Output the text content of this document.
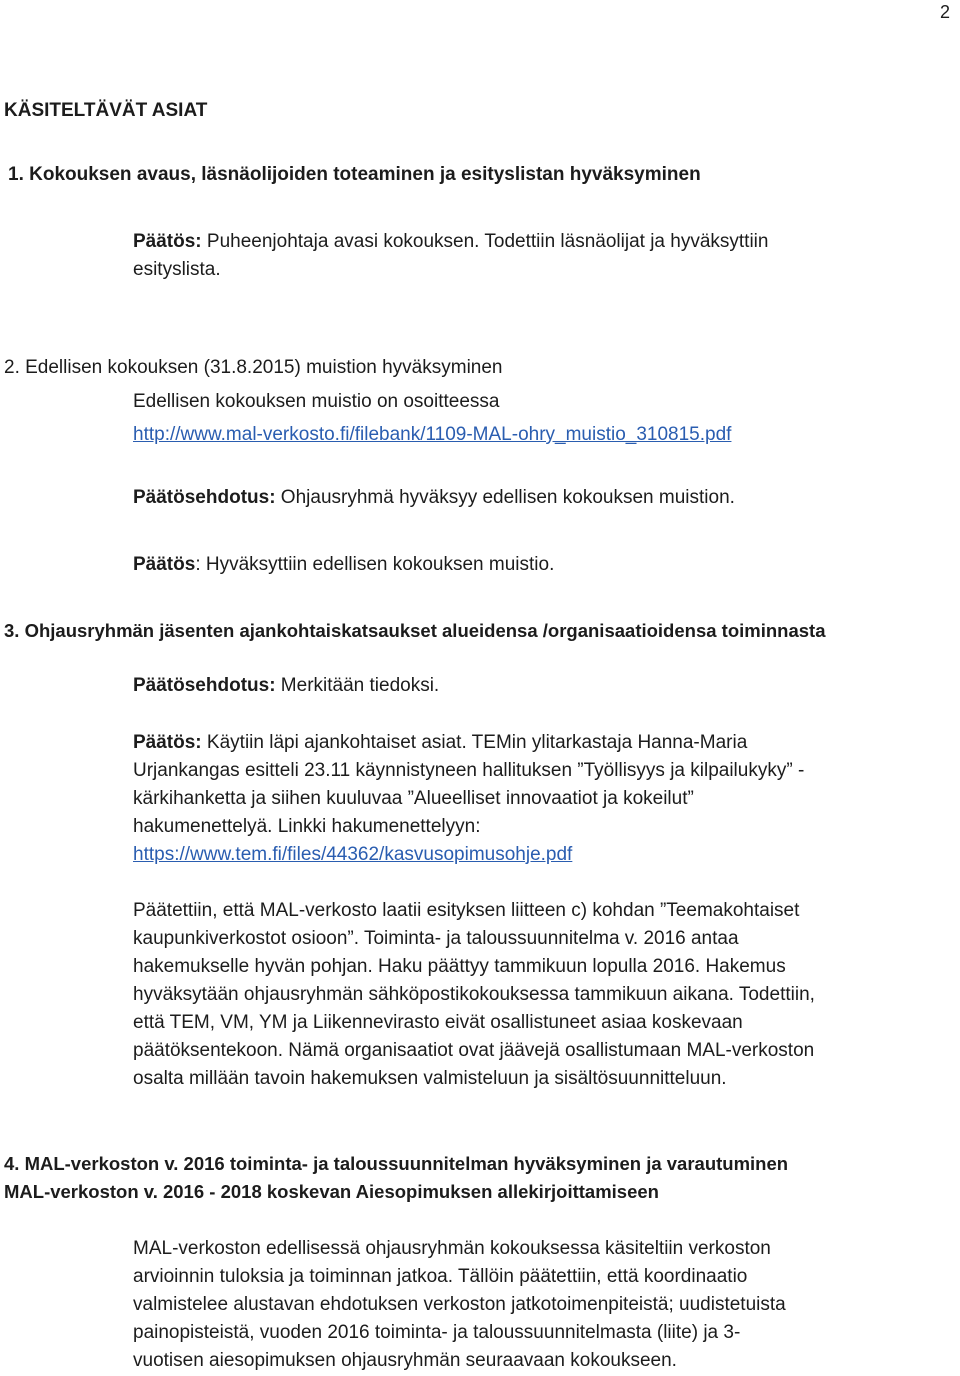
2
KÄSITELTÄVÄT ASIAT
1. Kokouksen avaus, läsnäolijoiden toteaminen ja esityslistan hyväksyminen
Päätös: Puheenjohtaja avasi kokouksen. Todettiin läsnäolijat ja hyväksyttiin
esityslista.
2. Edellisen kokouksen (31.8.2015) muistion hyväksyminen
Edellisen kokouksen muistio on osoitteessa
http://www.mal-verkosto.fi/filebank/1109-MAL-ohry_muistio_310815.pdf
Päätösehdotus: Ohjausryhmä hyväksyy edellisen kokouksen muistion.
Päätös: Hyväksyttiin edellisen kokouksen muistio.
3. Ohjausryhmän jäsenten ajankohtaiskatsaukset alueidensa /organisaatioidensa toiminnasta
Päätösehdotus: Merkitään tiedoksi.
Päätös: Käytiin läpi ajankohtaiset asiat. TEMin ylitarkastaja Hanna-Maria
Urjankangas esitteli 23.11 käynnistyneen hallituksen ”Työllisyys ja kilpailukyky” -
kärkihanketta ja siihen kuuluvaa ”Alueelliset innovaatiot ja kokeilut”
hakumenettelyä. Linkki hakumenettelyyn:
https://www.tem.fi/files/44362/kasvusopimusohje.pdf
Päätettiin, että MAL-verkosto laatii esityksen liitteen c) kohdan ”Teemakohtaiset
kaupunkiverkostot osioon”. Toiminta- ja taloussuunnitelma v. 2016 antaa
hakemukselle hyvän pohjan. Haku päättyy tammikuun lopulla 2016. Hakemus
hyväksytään ohjausryhmän sähköpostikokouksessa tammikuun aikana. Todettiin,
että TEM, VM, YM ja Liikennevirasto eivät osallistuneet asiaa koskevaan
päätöksentekoon. Nämä organisaatiot ovat jäävejä osallistumaan MAL-verkoston
osalta millään tavoin hakemuksen valmisteluun ja sisältösuunnitteluun.
4. MAL-verkoston v. 2016 toiminta- ja taloussuunnitelman hyväksyminen ja varautuminen
MAL-verkoston v. 2016 - 2018 koskevan Aiesopimuksen allekirjoittamiseen
MAL-verkoston edellisessä ohjausryhmän kokouksessa käsiteltiin verkoston
arvioinnin tuloksia ja toiminnan jatkoa. Tällöin päätettiin, että koordinaatio
valmistelee alustavan ehdotuksen verkoston jatkotoimenpiteistä; uudistetuista
painopisteistä, vuoden 2016 toiminta- ja taloussuunnitelmasta (liite) ja 3-
vuotisen aiesopimuksen ohjausryhmän seuraavaan kokoukseen.
